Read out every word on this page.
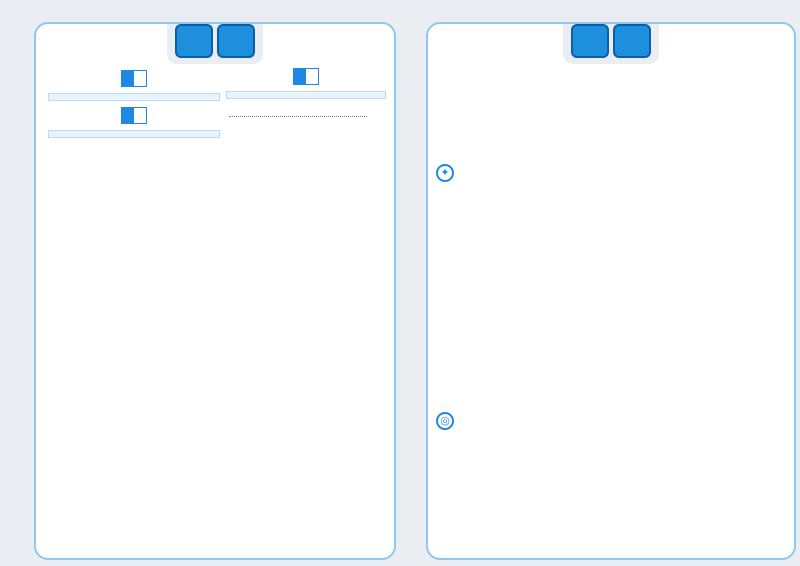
✦
◎
